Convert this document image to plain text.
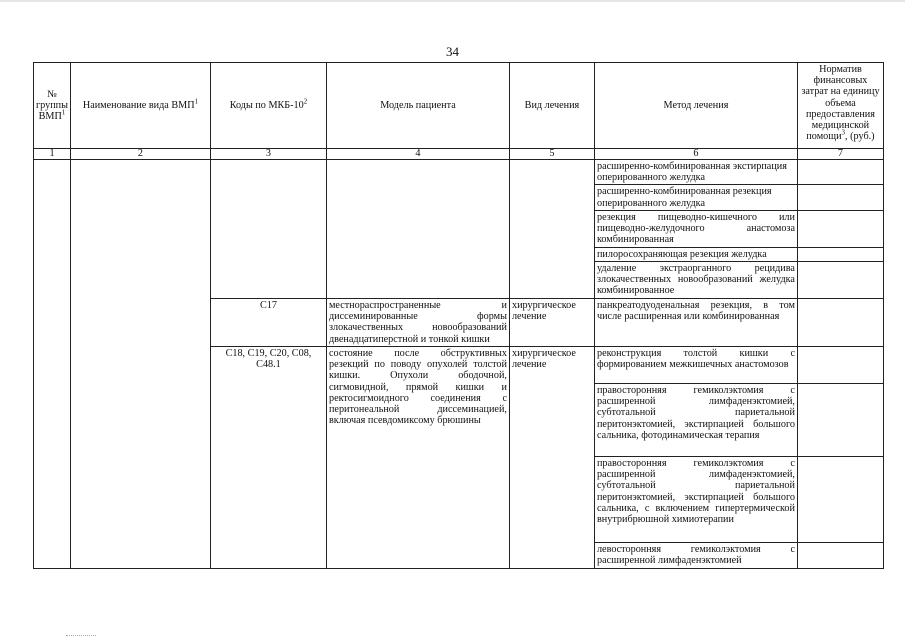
34
№ группы ВМП$^1$	Наименование вида ВМП$^1$	Коды по МКБ-$10^2$	Модель пациента	Вид лечения	Метод лечения	Норматив финансовых затрат на единицу объема предоставления медицинской помощи$^3$, (руб.)
1	2	3	4	5	6	7
					расширенно-комбинированная экстирпация оперированного желудка	
					расширенно-комбинированная резекция оперированного желудка	
					резекция пищеводно-кишечного или пищеводно-желудочного анастомоза комбинированная	
					пилоросохраняющая резекция желудка	
					удаление экстраорганного рецидива злокачественных новообразований желудка комбинированное	
		C17	местнораспространенные и диссеминированные формы злокачественных новообразований двенадцатиперстной и тонкой кишки	хирургическое лечение	панкреатодуоденальная резекция, в том числе расширенная или комбинированная	
		C18, C19, C20, C08, C48.1	состояние после обструктивных резекций по поводу опухолей толстой кишки. Опухоли ободочной, сигмовидной, прямой кишки и ректосигмоидного соединения с перитонеальной диссеминацией, включая псевдомиксому брюшины	хирургическое лечение	реконструкция толстой кишки с формированием межкишечных анастомозов	
					правосторонняя гемиколэктомия с расширенной лимфаденэктомией, субтотальной париетальной перитонэктомией, экстирпацией большого сальника, фотодинамическая терапия	
					правосторонняя гемиколэктомия с расширенной лимфаденэктомией, субтотальной париетальной перитонэктомией, экстирпацией большого сальника, с включением гипертермической внутрибрюшной химиотерапии	
					левосторонняя гемиколэктомия с расширенной лимфаденэктомией	
